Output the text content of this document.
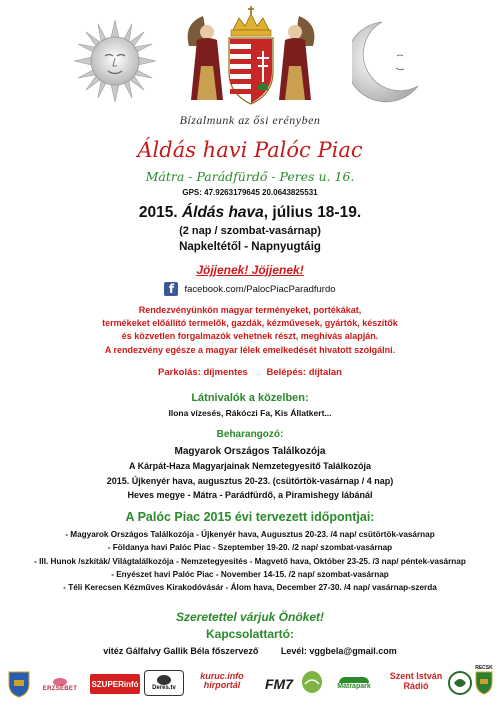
Bízalmunk az ősi erényben
Áldás havi Palóc Piac
Mátra - Parádfürdő - Peres u. 16.
GPS: 47.9263179645 20.0643825531
2015. Áldás hava, július 18-19.
(2 nap / szombat-vasárnap)
Napkeltétől - Napnyugtáig
Jöjjenek! Jöjjenek!
f	facebook.com/PalocPiacParadfurdo
Rendezvényünkön magyar terményeket, portékákat,
termékeket előállító termelők, gazdák, kézművesek, gyártók, készítők
és közvetlen forgalmazók vehetnek részt, meghívás alapján.
A rendezvény egésze a magyar lélek emelkedését hivatott szolgálni.
Parkolás: díjmentes Belépés: díjtalan
Látnivalók a közelben:
Ilona vízesés, Rákóczi Fa, Kis Állatkert...
Beharangozó:
Magyarok Országos Találkozója
A Kárpát-Haza Magyarjainak Nemzetegyesítő Találkozója
2015. Újkenyér hava, augusztus 20-23. (csütörtök-vasárnap / 4 nap)
Heves megye - Mátra - Parádfürdő, a Piramishegy lábánál
A Palóc Piac 2015 évi tervezett időpontjai:
- Magyarok Országos Találkozója - Újkenyér hava, Augusztus 20-23. /4 nap/ csütörtök-vasárnap
- Földanya havi Palóc Piac - Szeptember 19-20. /2 nap/ szombat-vasárnap
- III. Hunok /szkiták/ Világtalálkozója - Nemzetegyesítés - Magvető hava, Október 23-25. /3 nap/ péntek-vasárnap
- Enyészet havi Palóc Piac - November 14-15. /2 nap/ szombat-vasárnap
- Téli Kerecsen Kézműves Kirakodóvásár - Álom hava, December 27-30. /4 nap/ vasárnap-szerda
Szeretettel várjuk Önöket!
Kapcsolattartó:
vitéz Gálfalvy Gallik Béla főszervező	Levél: vggbela@gmail.com
ERZSÉBET
SZUPERinfó Deres.tv
kuruc.info hírportál	FM7	Mátrapark
Szent István Rádió
RECSK
